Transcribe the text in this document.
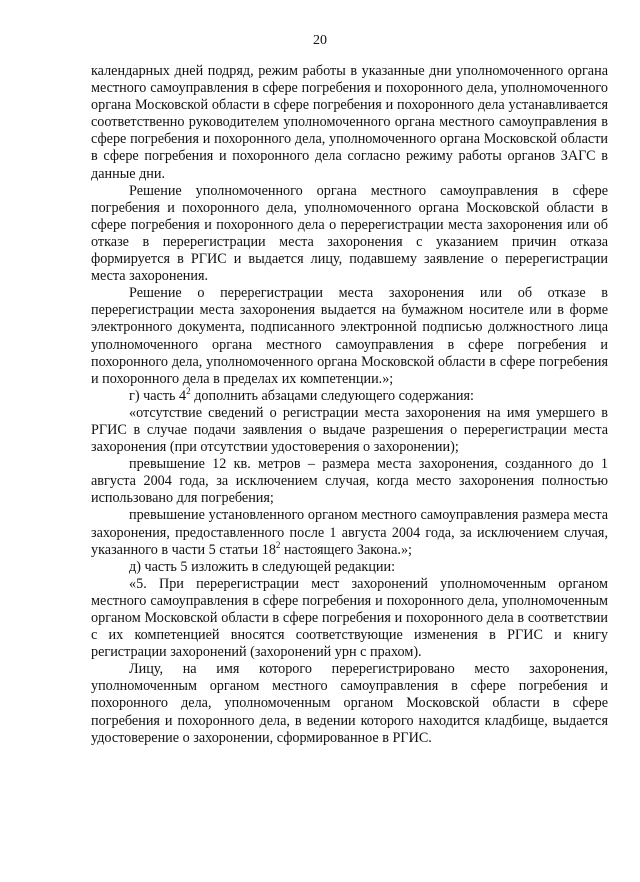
20

календарных дней подряд, режим работы в указанные дни уполномоченного органа местного самоуправления в сфере погребения и похоронного дела, уполномоченного органа Московской области в сфере погребения и похоронного дела устанавливается соответственно руководителем уполномоченного органа местного самоуправления в сфере погребения и похоронного дела, уполномоченного органа Московской области в сфере погребения и похоронного дела согласно режиму работы органов ЗАГС в данные дни.

Решение уполномоченного органа местного самоуправления в сфере погребения и похоронного дела, уполномоченного органа Московской области в сфере погребения и похоронного дела о перерегистрации места захоронения или об отказе в перерегистрации места захоронения с указанием причин отказа формируется в РГИС и выдается лицу, подавшему заявление о перерегистрации места захоронения.

Решение о перерегистрации места захоронения или об отказе в перерегистрации места захоронения выдается на бумажном носителе или в форме электронного документа, подписанного электронной подписью должностного лица уполномоченного органа местного самоуправления в сфере погребения и похоронного дела, уполномоченного органа Московской области в сфере погребения и похоронного дела в пределах их компетенции.»;

г) часть $4^2$ дополнить абзацами следующего содержания:

«отсутствие сведений о регистрации места захоронения на имя умершего в РГИС в случае подачи заявления о выдаче разрешения о перерегистрации места захоронения (при отсутствии удостоверения о захоронении);

превышение 12 кв. метров – размера места захоронения, созданного до 1 августа 2004 года, за исключением случая, когда место захоронения полностью использовано для погребения;

превышение установленного органом местного самоуправления размера места захоронения, предоставленного после 1 августа 2004 года, за исключением случая, указанного в части 5 статьи $18^2$ настоящего Закона.»;

д) часть 5 изложить в следующей редакции:

«5. При перерегистрации мест захоронений уполномоченным органом местного самоуправления в сфере погребения и похоронного дела, уполномоченным органом Московской области в сфере погребения и похоронного дела в соответствии с их компетенцией вносятся соответствующие изменения в РГИС и книгу регистрации захоронений (захоронений урн с прахом).

Лицу, на имя которого перерегистрировано место захоронения, уполномоченным органом местного самоуправления в сфере погребения и похоронного дела, уполномоченным органом Московской области в сфере погребения и похоронного дела, в ведении которого находится кладбище, выдается удостоверение о захоронении, сформированное в РГИС.
